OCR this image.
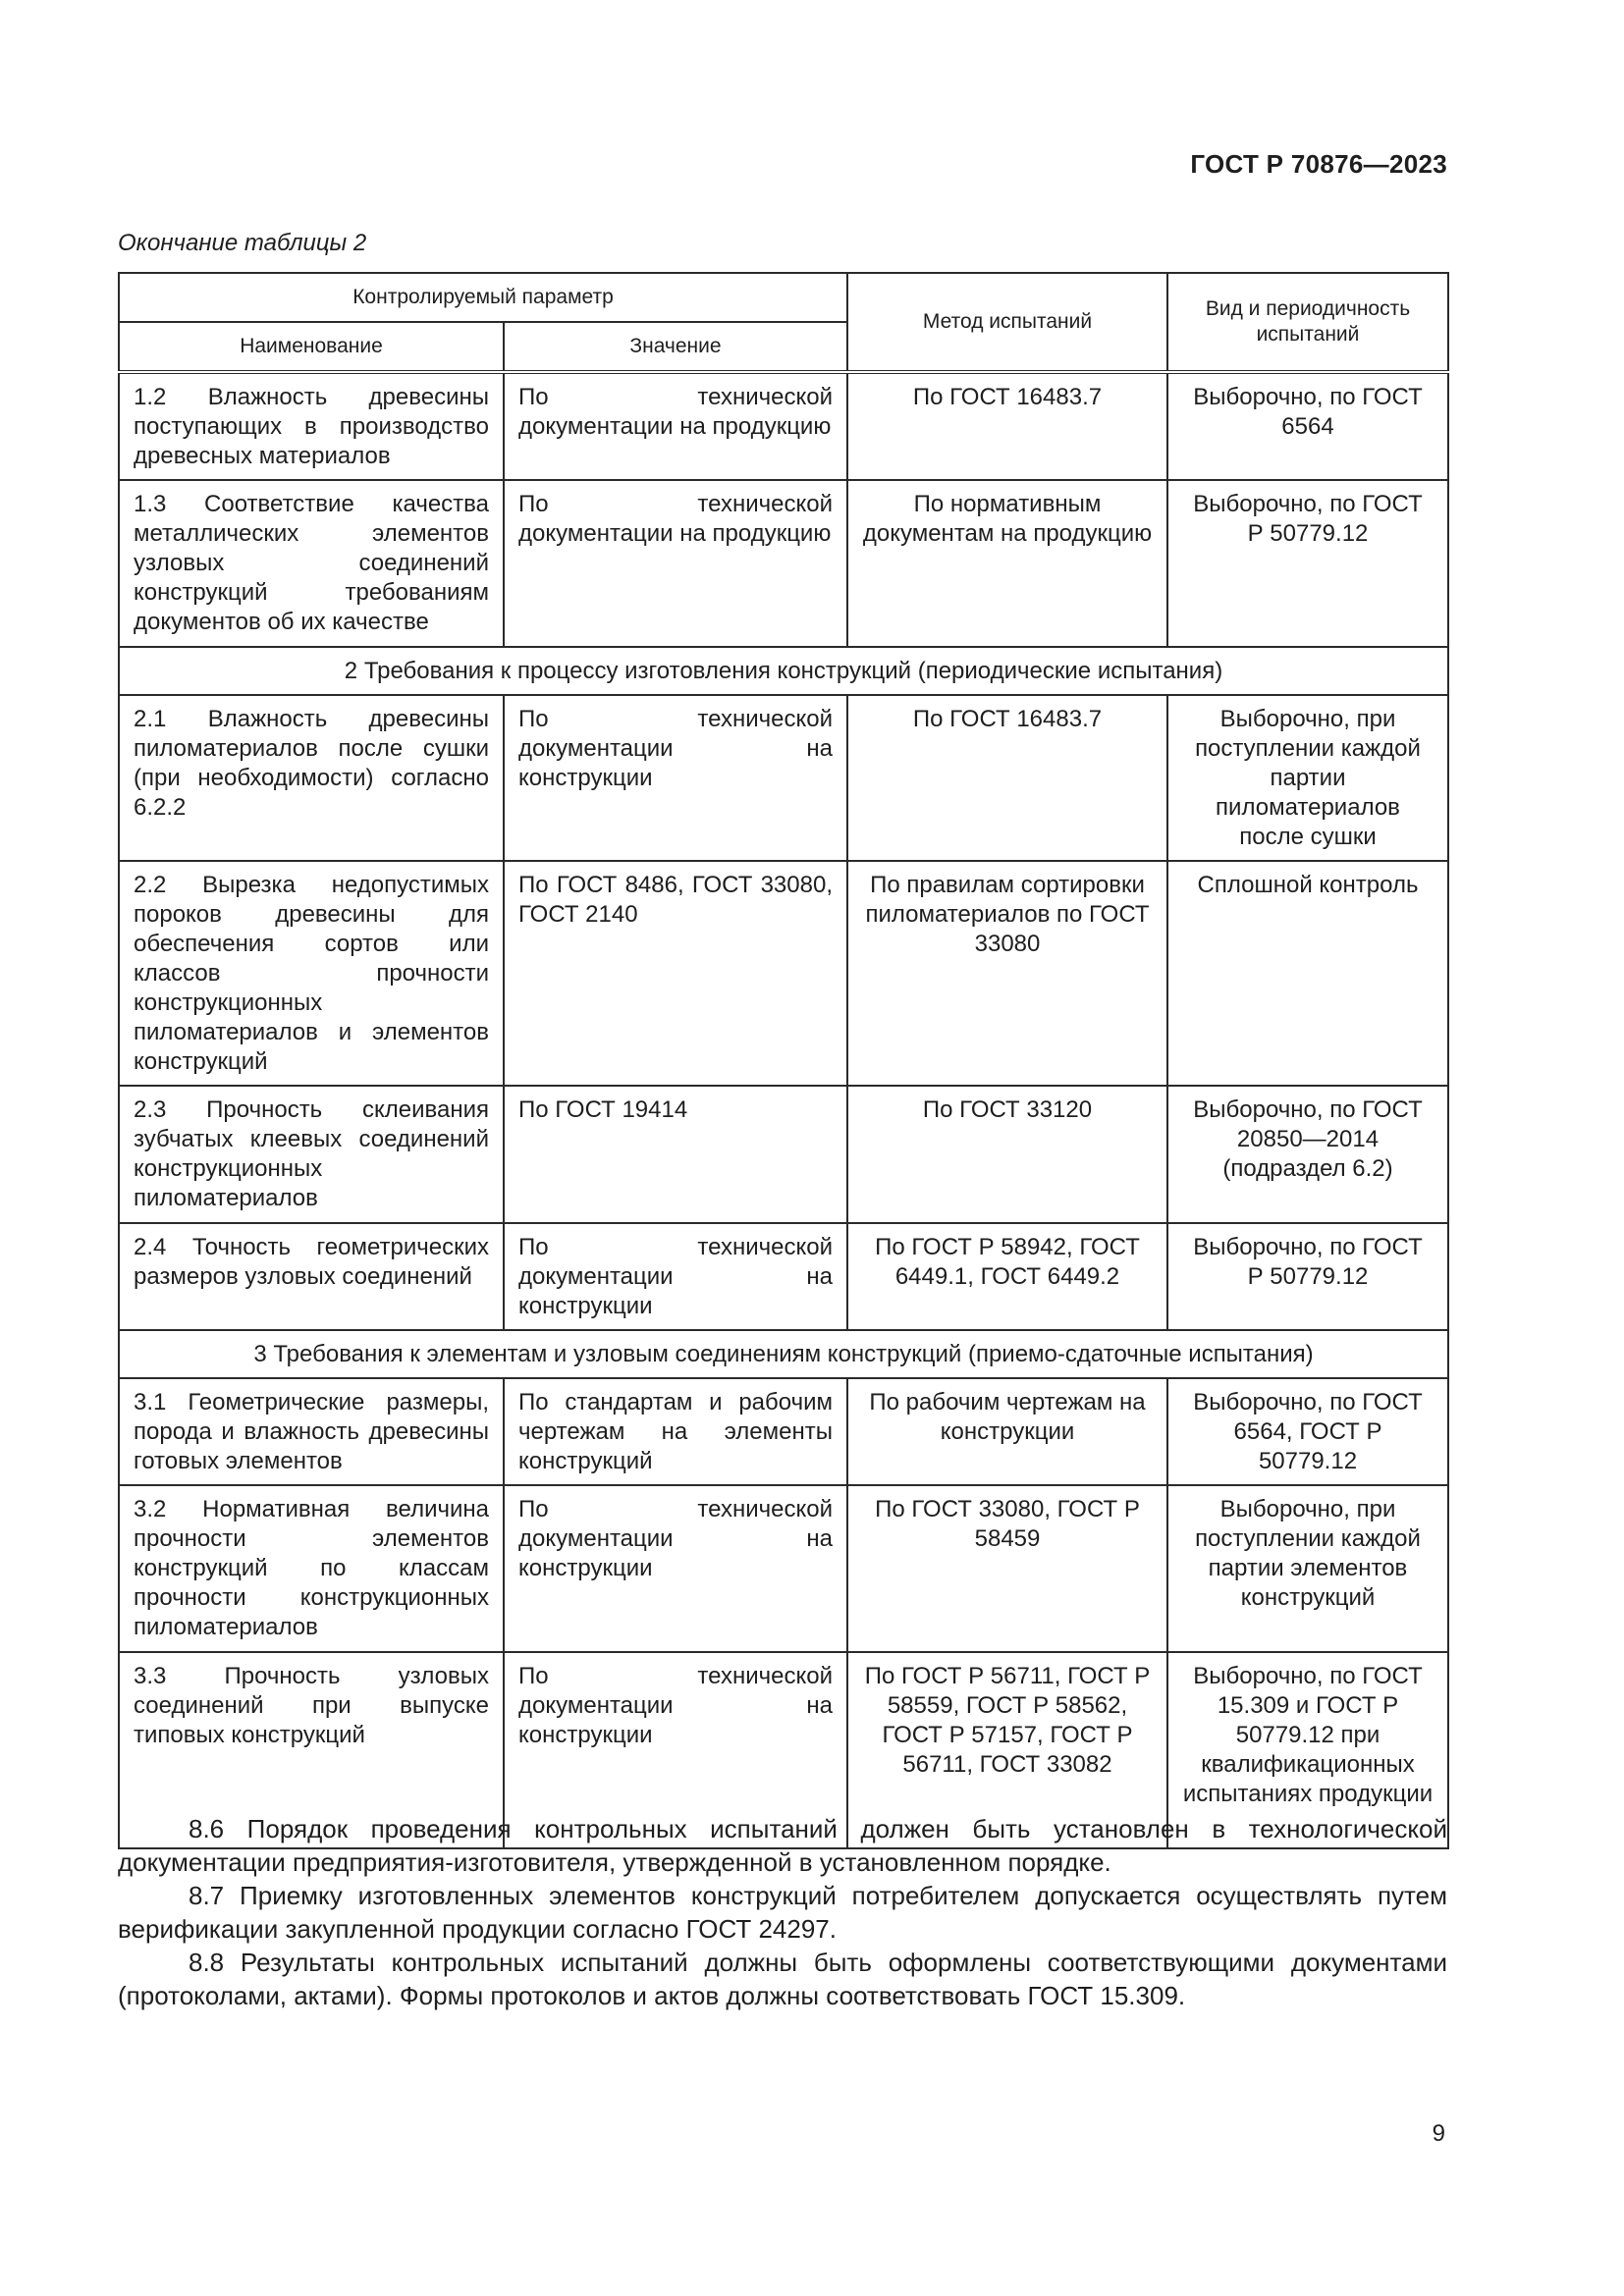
ГОСТ Р 70876—2023
Окончание таблицы 2
Контролируемый параметр		Метод испытаний	Вид и периодичность испытаний
Наименование	Значение		
1.2 Влажность древесины поступающих в производство древесных материалов	По технической документации на продукцию	По ГОСТ 16483.7	Выборочно, по ГОСТ 6564
1.3 Соответствие качества металлических элементов узловых соединений конструкций требованиям документов об их качестве	По технической документации на продукцию	По нормативным документам на продукцию	Выборочно, по ГОСТ Р 50779.12
2 Требования к процессу изготовления конструкций (периодические испытания)			
2.1 Влажность древесины пиломатериалов после сушки (при необходимости) согласно 6.2.2	По технической документации на конструкции	По ГОСТ 16483.7	Выборочно, при поступлении каждой партии пиломатериалов после сушки
2.2 Вырезка недопустимых пороков древесины для обеспечения сортов или классов прочности конструкционных пиломатериалов и элементов конструкций	По ГОСТ 8486, ГОСТ 33080, ГОСТ 2140	По правилам сортировки пиломатериалов по ГОСТ 33080	Сплошной контроль
2.3 Прочность склеивания зубчатых клеевых соединений конструкционных пиломатериалов	По ГОСТ 19414	По ГОСТ 33120	Выборочно, по ГОСТ 20850—2014 (подраздел 6.2)
2.4 Точность геометрических размеров узловых соединений	По технической документации на конструкции	По ГОСТ Р 58942, ГОСТ 6449.1, ГОСТ 6449.2	Выборочно, по ГОСТ Р 50779.12
3 Требования к элементам и узловым соединениям конструкций (приемо-сдаточные испытания)			
3.1 Геометрические размеры, порода и влажность древесины готовых элементов	По стандартам и рабочим чертежам на элементы конструкций	По рабочим чертежам на конструкции	Выборочно, по ГОСТ 6564, ГОСТ Р 50779.12
3.2 Нормативная величина прочности элементов конструкций по классам прочности конструкционных пиломатериалов	По технической документации на конструкции	По ГОСТ 33080, ГОСТ Р 58459	Выборочно, при поступлении каждой партии элементов конструкций
3.3 Прочность узловых соединений при выпуске типовых конструкций	По технической документации на конструкции	По ГОСТ Р 56711, ГОСТ Р 58559, ГОСТ Р 58562, ГОСТ Р 57157, ГОСТ Р 56711, ГОСТ 33082	Выборочно, по ГОСТ 15.309 и ГОСТ Р 50779.12 при квалификационных испытаниях продукции

8.6 Порядок проведения контрольных испытаний должен быть установлен в технологической документации предприятия-изготовителя, утвержденной в установленном порядке.

8.7 Приемку изготовленных элементов конструкций потребителем допускается осуществлять путем верификации закупленной продукции согласно ГОСТ 24297.

8.8 Результаты контрольных испытаний должны быть оформлены соответствующими документами (протоколами, актами). Формы протоколов и актов должны соответствовать ГОСТ 15.309.

9
